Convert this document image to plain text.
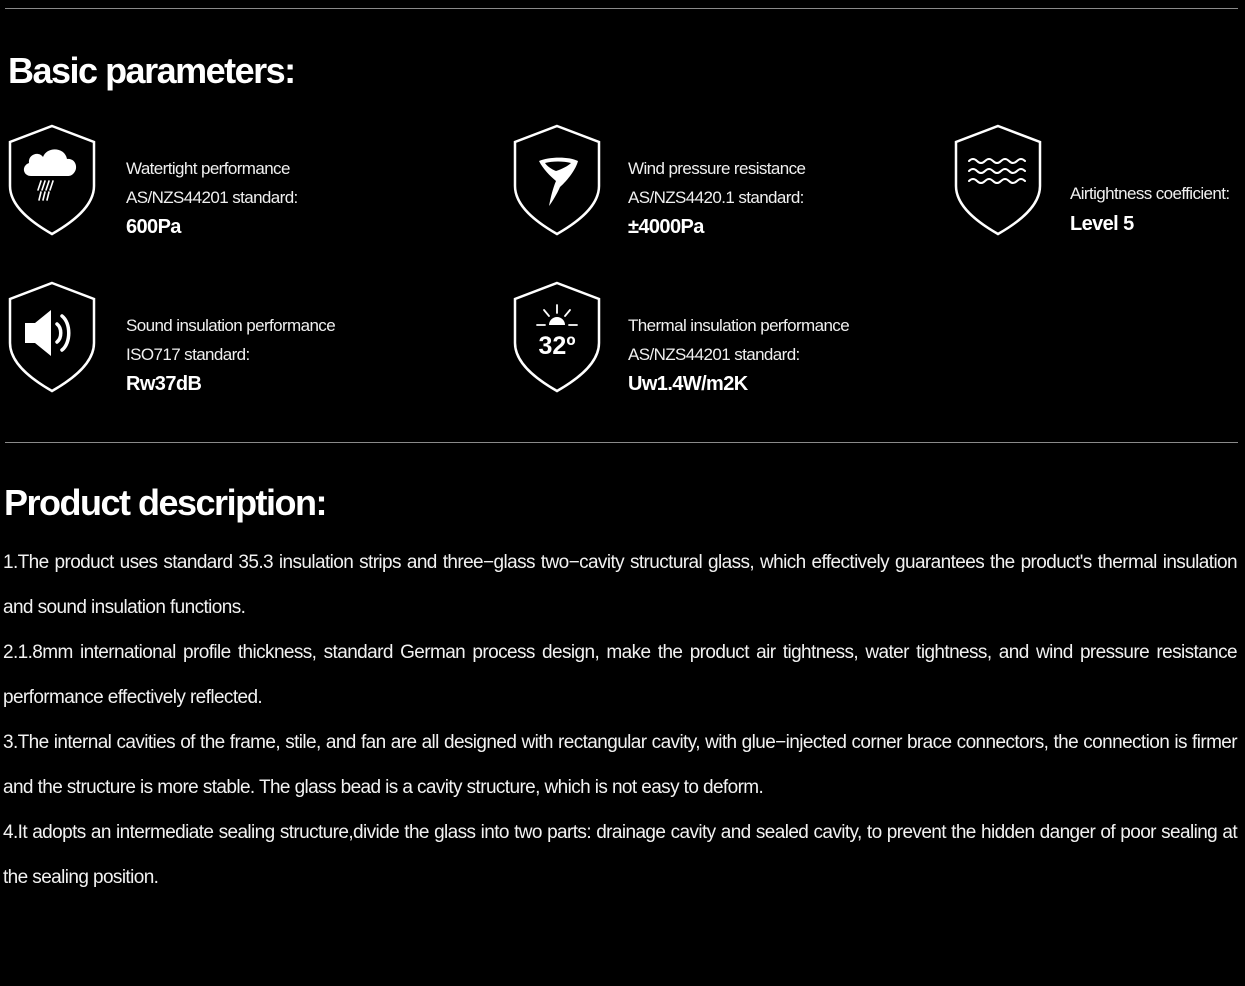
Basic parameters:
Watertight performance
AS/NZS44201 standard:
600Pa
Wind pressure resistance
AS/NZS4420.1 standard:
±4000Pa
Airtightness coefficient:
Level 5
Sound insulation performance
ISO717 standard:
Rw37dB
32º
Thermal insulation performance
AS/NZS44201 standard:
Uw1.4W/m2K
Product description:

1.The product uses standard 35.3 insulation strips and three−glass two−cavity structural glass, which effectively guarantees the product's thermal insulation and sound insulation functions.

2.1.8mm international profile thickness, standard German process design, make the product air tightness, water tightness, and wind pressure resistance performance effectively reflected.

3.The internal cavities of the frame, stile, and fan are all designed with rectangular cavity, with glue−injected corner brace connectors, the connection is firmer and the structure is more stable. The glass bead is a cavity structure, which is not easy to deform.

4.It adopts an intermediate sealing structure,divide the glass into two parts: drainage cavity and sealed cavity, to prevent the hidden danger of poor sealing at the sealing position.
